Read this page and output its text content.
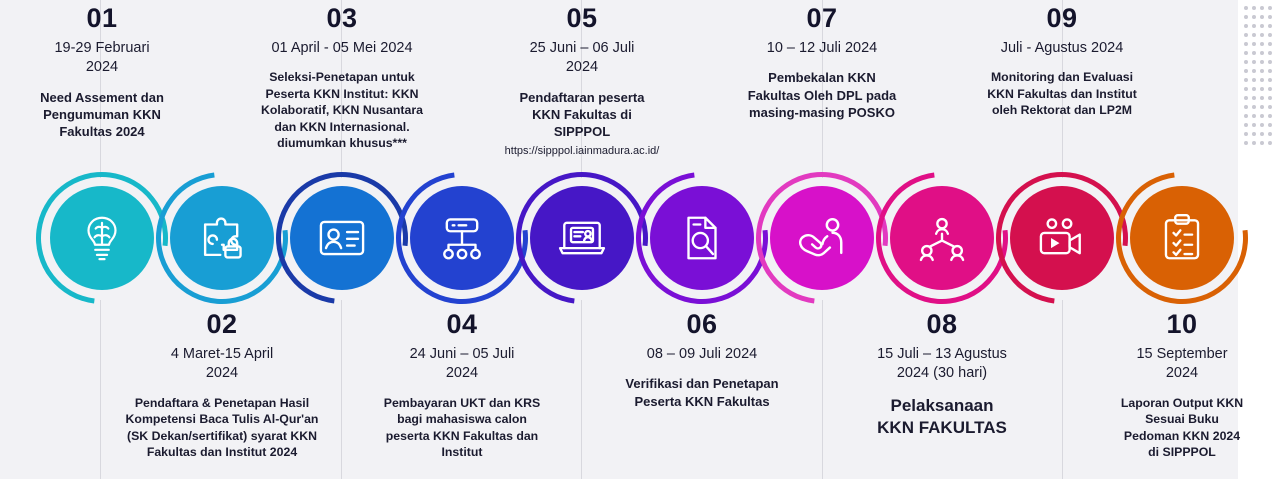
01
19-29 Februari
2024
Need Assement dan
Pengumuman KKN
Fakultas 2024
02
4 Maret-15 April
2024
Pendaftara & Penetapan Hasil
Kompetensi Baca Tulis Al-Qur'an
(SK Dekan/sertifikat) syarat KKN
Fakultas dan Institut 2024
03
01 April - 05 Mei 2024
Seleksi-Penetapan untuk
Peserta KKN Institut: KKN
Kolaboratif, KKN Nusantara
dan KKN Internasional.
diumumkan khusus***
04
24 Juni – 05 Juli
2024
Pembayaran UKT dan KRS
bagi mahasiswa calon
peserta KKN Fakultas dan
Institut
05
25 Juni – 06 Juli
2024
Pendaftaran peserta
KKN Fakultas di
SIPPPOL
https://sipppol.iainmadura.ac.id/
06
08 – 09 Juli 2024
Verifikasi dan Penetapan
Peserta KKN Fakultas
07
10 – 12 Juli 2024
Pembekalan KKN
Fakultas Oleh DPL pada
masing-masing POSKO
08
15 Juli – 13 Agustus
2024 (30 hari)
Pelaksanaan
KKN FAKULTAS
09
Juli - Agustus 2024
Monitoring dan Evaluasi
KKN Fakultas dan Institut
oleh Rektorat dan LP2M
10
15 September
2024
Laporan Output KKN
Sesuai Buku
Pedoman KKN 2024
di SIPPPOL
